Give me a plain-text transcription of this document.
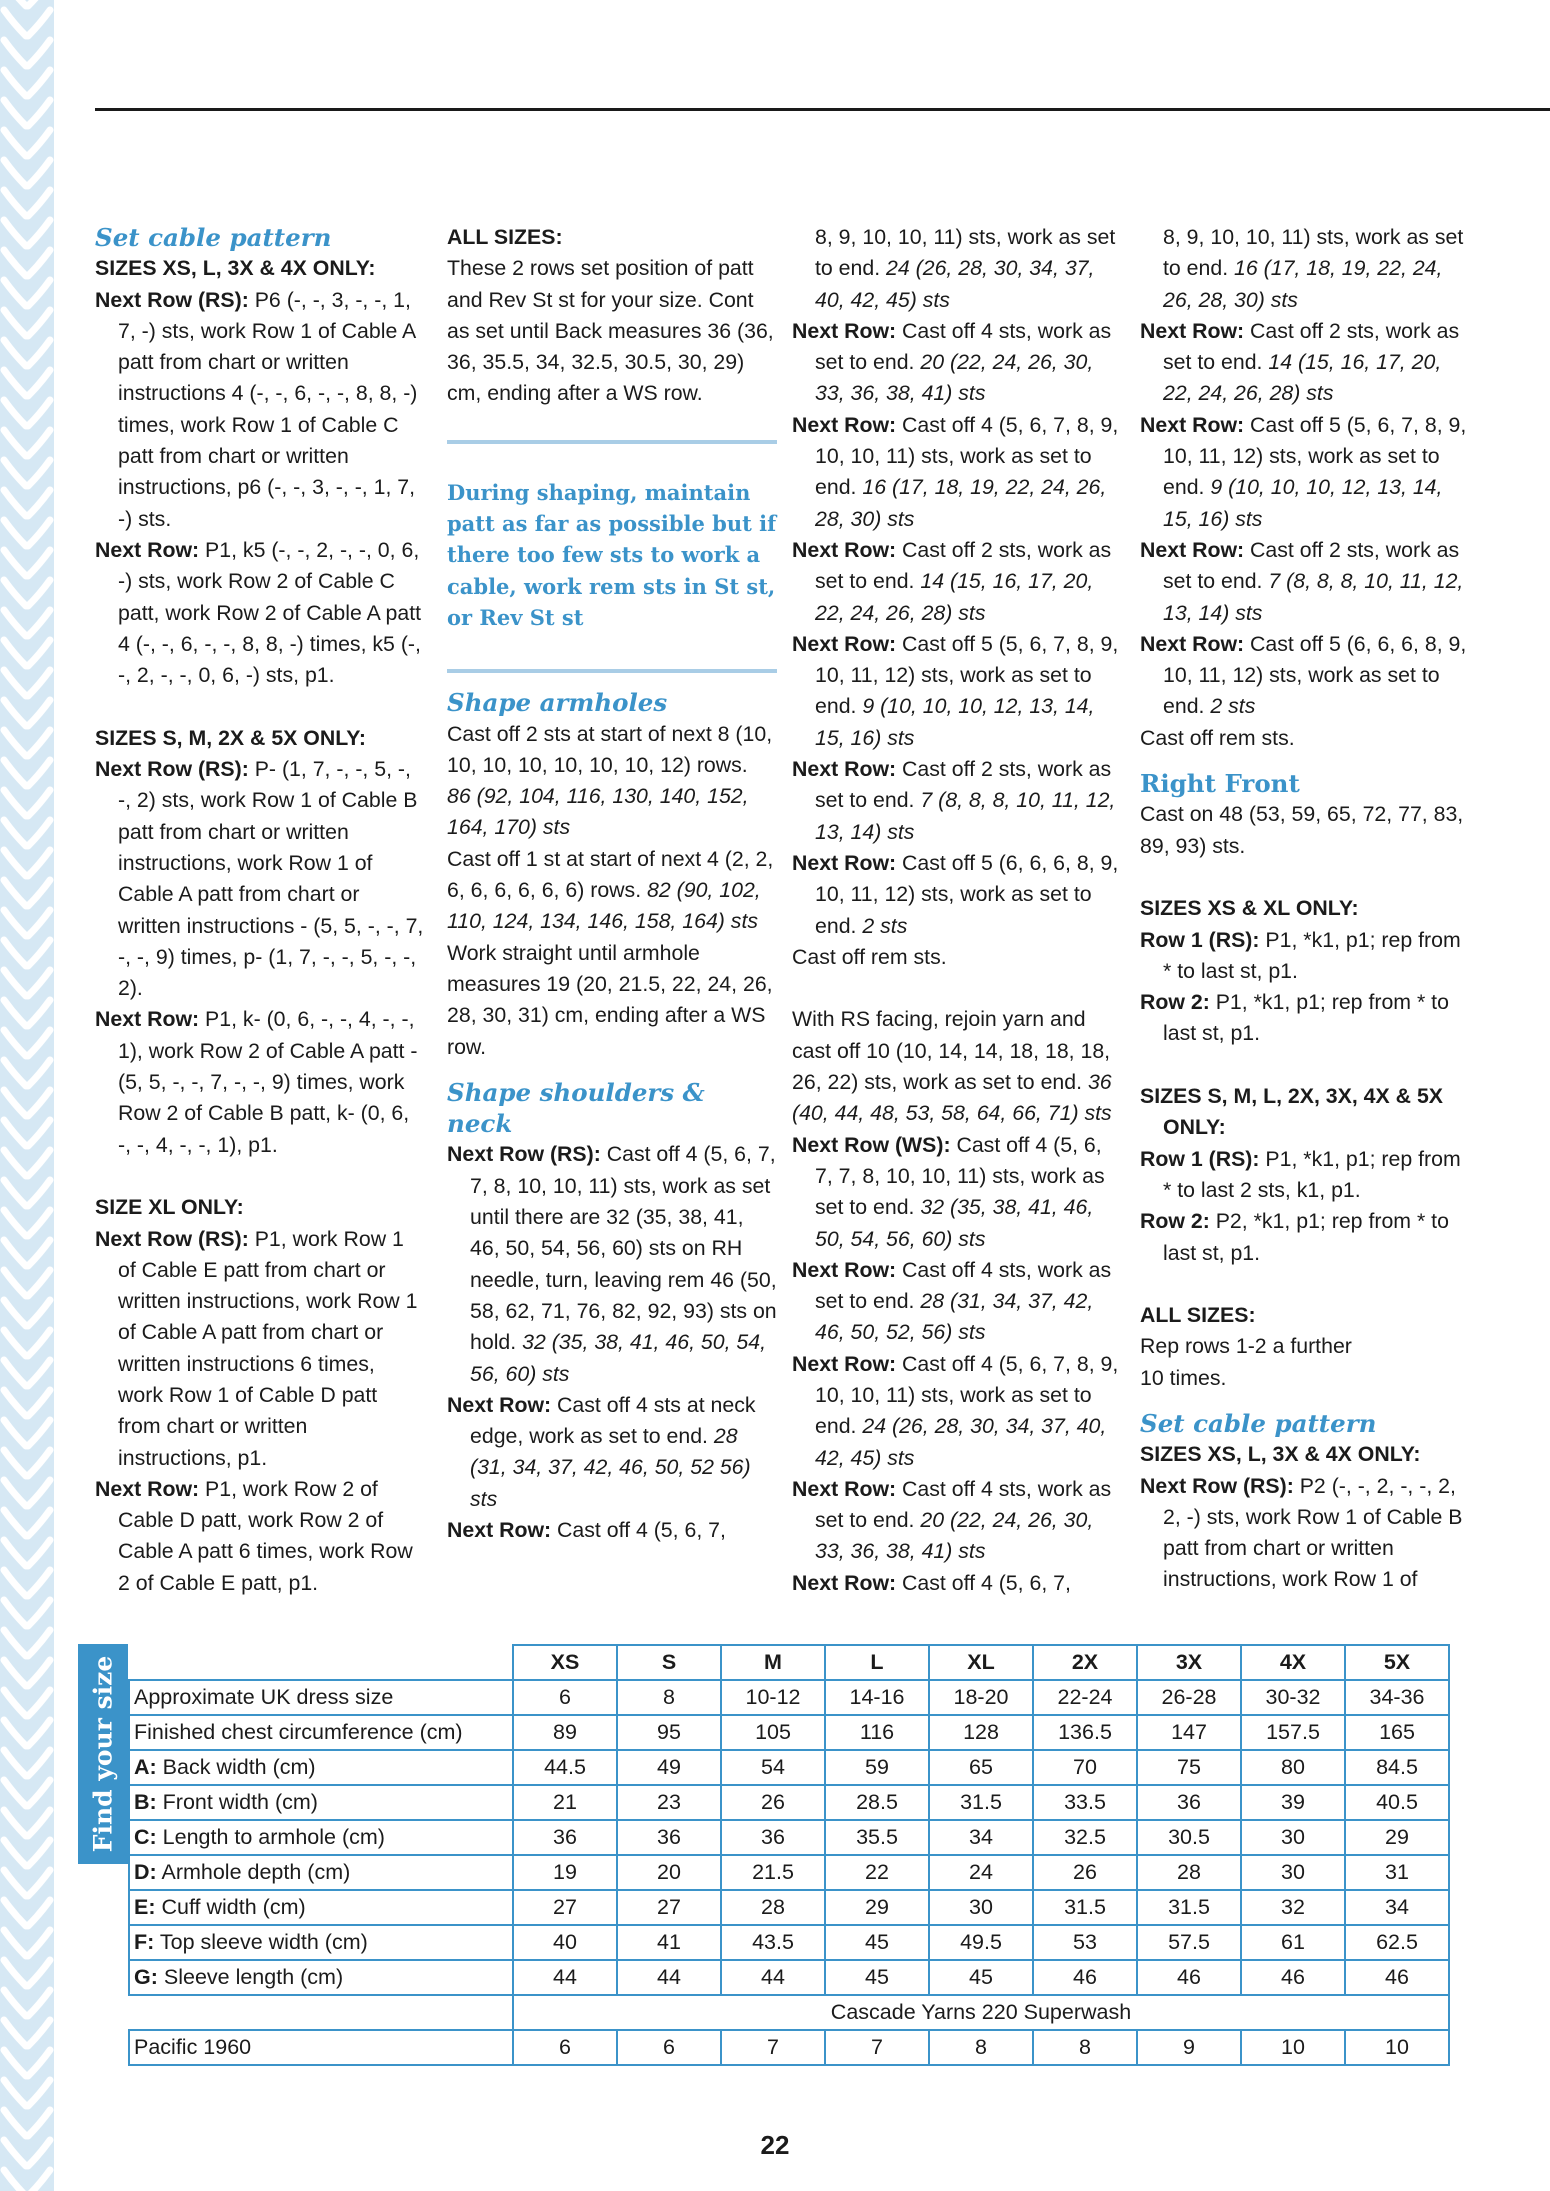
Set cable pattern

SIZES XS, L, 3X & 4X ONLY:

Next Row (RS): P6 (-, -, 3, -, -, 1, 7, -) sts, work Row 1 of Cable A patt from chart or written instructions 4 (-, -, 6, -, -, 8, 8, -) times, work Row 1 of Cable C patt from chart or written instructions, p6 (-, -, 3, -, -, 1, 7, -) sts.

Next Row: P1, k5 (-, -, 2, -, -, 0, 6, -) sts, work Row 2 of Cable C patt, work Row 2 of Cable A patt 4 (-, -, 6, -, -, 8, 8, -) times, k5 (-, -, 2, -, -, 0, 6, -) sts, p1.

SIZES S, M, 2X & 5X ONLY:

Next Row (RS): P- (1, 7, -, -, 5, -, -, 2) sts, work Row 1 of Cable B patt from chart or written instructions, work Row 1 of Cable A patt from chart or written instructions - (5, 5, -, -, 7, -, -, 9) times, p- (1, 7, -, -, 5, -, -, 2).

Next Row: P1, k- (0, 6, -, -, 4, -, -, 1), work Row 2 of Cable A patt - (5, 5, -, -, 7, -, -, 9) times, work Row 2 of Cable B patt, k- (0, 6, -, -, 4, -, -, 1), p1.

SIZE XL ONLY:

Next Row (RS): P1, work Row 1 of Cable E patt from chart or written instructions, work Row 1 of Cable A patt from chart or written instructions 6 times, work Row 1 of Cable D patt from chart or written instructions, p1.

Next Row: P1, work Row 2 of Cable D patt, work Row 2 of Cable A patt 6 times, work Row 2 of Cable E patt, p1.

ALL SIZES:

These 2 rows set position of patt and Rev St st for your size. Cont as set until Back measures 36 (36, 36, 35.5, 34, 32.5, 30.5, 30, 29) cm, ending after a WS row.

During shaping, maintain patt as far as possible but if there too few sts to work a cable, work rem sts in St st, or Rev St st

Shape armholes

Cast off 2 sts at start of next 8 (10, 10, 10, 10, 10, 10, 10, 12) rows. 86 (92, 104, 116, 130, 140, 152, 164, 170) sts

Cast off 1 st at start of next 4 (2, 2, 6, 6, 6, 6, 6, 6) rows. 82 (90, 102, 110, 124, 134, 146, 158, 164) sts

Work straight until armhole measures 19 (20, 21.5, 22, 24, 26, 28, 30, 31) cm, ending after a WS row.

Shape shoulders & neck

Next Row (RS): Cast off 4 (5, 6, 7, 7, 8, 10, 10, 11) sts, work as set until there are 32 (35, 38, 41, 46, 50, 54, 56, 60) sts on RH needle, turn, leaving rem 46 (50, 58, 62, 71, 76, 82, 92, 93) sts on hold. 32 (35, 38, 41, 46, 50, 54, 56, 60) sts

Next Row: Cast off 4 sts at neck edge, work as set to end. 28 (31, 34, 37, 42, 46, 50, 52 56) sts

Next Row: Cast off 4 (5, 6, 7,

8, 9, 10, 10, 11) sts, work as set to end. 24 (26, 28, 30, 34, 37, 40, 42, 45) sts

Next Row: Cast off 4 sts, work as set to end. 20 (22, 24, 26, 30, 33, 36, 38, 41) sts

Next Row: Cast off 4 (5, 6, 7, 8, 9, 10, 10, 11) sts, work as set to end. 16 (17, 18, 19, 22, 24, 26, 28, 30) sts

Next Row: Cast off 2 sts, work as set to end. 14 (15, 16, 17, 20, 22, 24, 26, 28) sts

Next Row: Cast off 5 (5, 6, 7, 8, 9, 10, 11, 12) sts, work as set to end. 9 (10, 10, 10, 12, 13, 14, 15, 16) sts

Next Row: Cast off 2 sts, work as set to end. 7 (8, 8, 8, 10, 11, 12, 13, 14) sts

Next Row: Cast off 5 (6, 6, 6, 8, 9, 10, 11, 12) sts, work as set to end. 2 sts

Cast off rem sts.

With RS facing, rejoin yarn and cast off 10 (10, 14, 14, 18, 18, 18, 26, 22) sts, work as set to end. 36 (40, 44, 48, 53, 58, 64, 66, 71) sts

Next Row (WS): Cast off 4 (5, 6, 7, 7, 8, 10, 10, 11) sts, work as set to end. 32 (35, 38, 41, 46, 50, 54, 56, 60) sts

Next Row: Cast off 4 sts, work as set to end. 28 (31, 34, 37, 42, 46, 50, 52, 56) sts

Next Row: Cast off 4 (5, 6, 7, 8, 9, 10, 10, 11) sts, work as set to end. 24 (26, 28, 30, 34, 37, 40, 42, 45) sts

Next Row: Cast off 4 sts, work as set to end. 20 (22, 24, 26, 30, 33, 36, 38, 41) sts

Next Row: Cast off 4 (5, 6, 7,

8, 9, 10, 10, 11) sts, work as set to end. 16 (17, 18, 19, 22, 24, 26, 28, 30) sts

Next Row: Cast off 2 sts, work as set to end. 14 (15, 16, 17, 20, 22, 24, 26, 28) sts

Next Row: Cast off 5 (5, 6, 7, 8, 9, 10, 11, 12) sts, work as set to end. 9 (10, 10, 10, 12, 13, 14, 15, 16) sts

Next Row: Cast off 2 sts, work as set to end. 7 (8, 8, 8, 10, 11, 12, 13, 14) sts

Next Row: Cast off 5 (6, 6, 6, 8, 9, 10, 11, 12) sts, work as set to end. 2 sts

Cast off rem sts.

Right Front

Cast on 48 (53, 59, 65, 72, 77, 83, 89, 93) sts.

SIZES XS & XL ONLY:

Row 1 (RS): P1, *k1, p1; rep from * to last st, p1.

Row 2: P1, *k1, p1; rep from * to last st, p1.

SIZES S, M, L, 2X, 3X, 4X & 5X ONLY:

Row 1 (RS): P1, *k1, p1; rep from * to last 2 sts, k1, p1.

Row 2: P2, *k1, p1; rep from * to last st, p1.

ALL SIZES:

Rep rows 1-2 a further 10 times.

Set cable pattern

SIZES XS, L, 3X & 4X ONLY:

Next Row (RS): P2 (-, -, 2, -, -, 2, 2, -) sts, work Row 1 of Cable B patt from chart or written instructions, work Row 1 of

Find your size
		XS	S	M	L	XL	2X	3X	4X	5X
Approximate UK dress size	6	8	10-12	14-16	18-20	22-24	26-28	30-32	34-36
Finished chest circumference (cm)	89	95	105	116	128	136.5	147	157.5	165
A: Back width (cm)	44.5	49	54	59	65	70	75	80	84.5
B: Front width (cm)	21	23	26	28.5	31.5	33.5	36	39	40.5
C: Length to armhole (cm)	36	36	36	35.5	34	32.5	30.5	30	29
D: Armhole depth (cm)	19	20	21.5	22	24	26	28	30	31
E: Cuff width (cm)	27	27	28	29	30	31.5	31.5	32	34
F: Top sleeve width (cm)	40	41	43.5	45	49.5	53	57.5	61	62.5
G: Sleeve length (cm)	44	44	44	45	45	46	46	46	46
	Cascade Yarns 220 Superwash								
Pacific 1960	6	6	7	7	8	8	9	10	10
22
